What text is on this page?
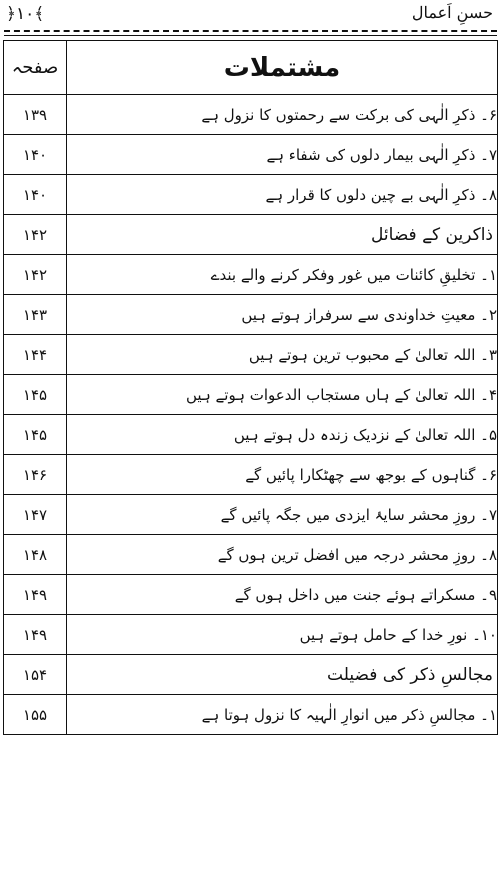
﴾۱۰﴿	حسنِ اَعمال
مشتملات	صفحہ
۶۔ ذکرِ الٰہی کی برکت سے رحمتوں کا نزول ہے	۱۳۹
۷۔ ذکرِ الٰہی بیمار دلوں کی شفاء ہے	۱۴۰
۸۔ ذکرِ الٰہی بے چین دلوں کا قرار ہے	۱۴۰
ذاکرین کے فضائل	۱۴۲
۱۔ تخلیقِ کائنات میں غور وفکر کرنے والے بندے	۱۴۲
۲۔ معیتِ خداوندی سے سرفراز ہوتے ہیں	۱۴۳
۳۔ اللہ تعالیٰ کے محبوب ترین ہوتے ہیں	۱۴۴
۴۔ اللہ تعالیٰ کے ہاں مستجاب الدعوات ہوتے ہیں	۱۴۵
۵۔ اللہ تعالیٰ کے نزدیک زندہ دل ہوتے ہیں	۱۴۵
۶۔ گناہوں کے بوجھ سے چھٹکارا پائیں گے	۱۴۶
۷۔ روزِ محشر سایۂ ایزدی میں جگہ پائیں گے	۱۴۷
۸۔ روزِ محشر درجہ میں افضل ترین ہوں گے	۱۴۸
۹۔ مسکراتے ہوئے جنت میں داخل ہوں گے	۱۴۹
۱۰۔ نورِ خدا کے حامل ہوتے ہیں	۱۴۹
مجالسِ ذکر کی فضیلت	۱۵۴
۱۔ مجالسِ ذکر میں انوارِ الٰہیہ کا نزول ہوتا ہے	۱۵۵
